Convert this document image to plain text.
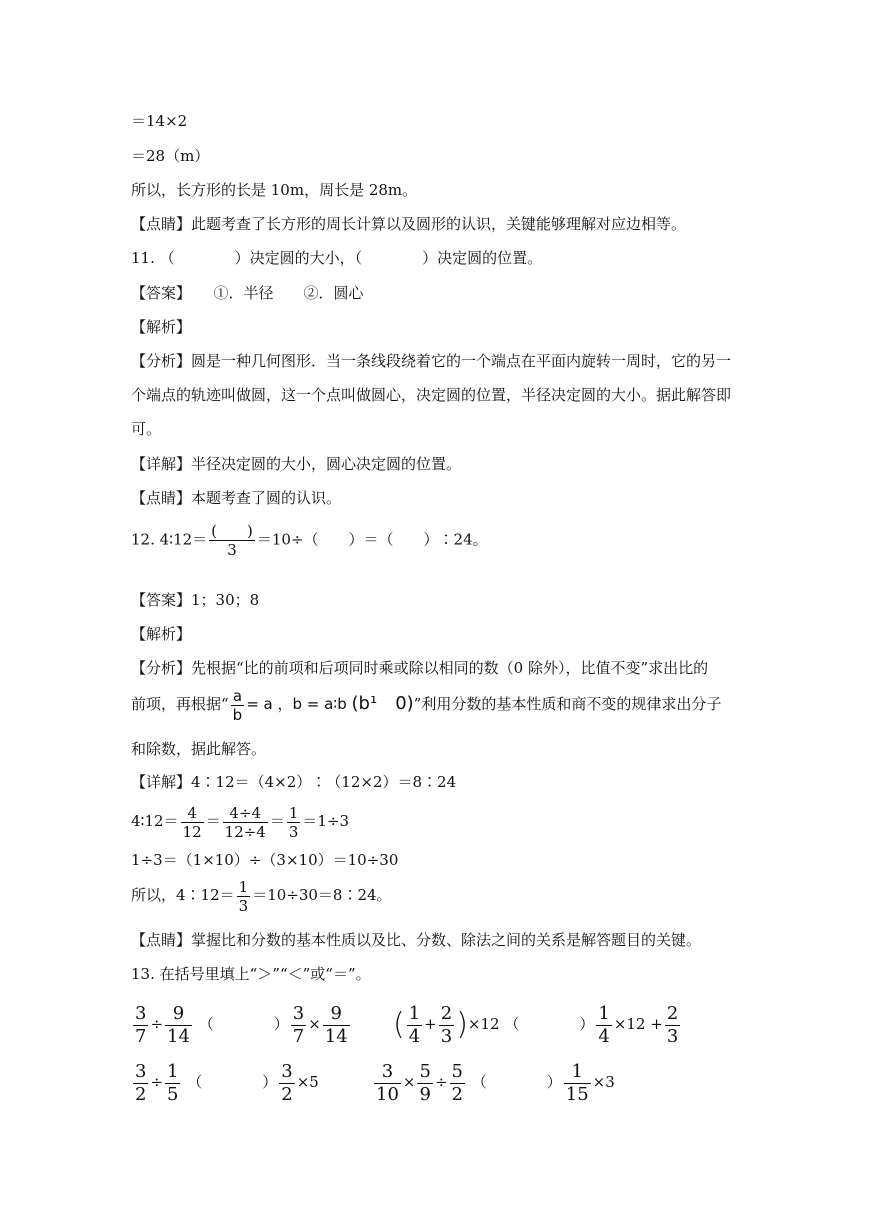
＝14×2
＝28（m）
所以，长方形的长是 10m，周长是 28m。
【点睛】此题考查了长方形的周长计算以及圆形的认识，关键能够理解对应边相等。
11. （　　　　）决定圆的大小，（　　　　）决定圆的位置。
【答案】　　①．半径　　②．圆心
【解析】
【分析】圆是一种几何图形．当一条线段绕着它的一个端点在平面内旋转一周时，它的另一
个端点的轨迹叫做圆，这一个点叫做圆心，决定圆的位置，半径决定圆的大小。据此解答即
可。
【详解】半径决定圆的大小，圆心决定圆的位置。
【点睛】本题考查了圆的认识。
12. 4∶12＝ $\frac{( )}{3} =10\div$（　　）＝（　　）∶24。
【答案】1；30；8
【解析】
【分析】先根据“比的前项和后项同时乘或除以相同的数（0 除外），比值不变”求出比的
前项，再根据“ $\frac{a}{b} = a$ ，b = a∶b (b¹　0)”利用分数的基本性质和商不变的规律求出分子
和除数，据此解答。
【详解】4∶12＝（4×2）∶（12×2）＝8∶24
4∶12＝ $\frac{4}{12} = \frac{4\div 4}{12\div 4} = \frac{1}{3} =1\div 3$
1÷3＝（1×10）÷（3×10）＝10÷30
所以，4∶12＝ $\frac{1}{3}$ ＝10÷30＝8∶24。
【点睛】掌握比和分数的基本性质以及比、分数、除法之间的关系是解答题目的关键。
13. 在括号里填上“＞”“＜”或“＝”。
$\frac{3}{7} \div \frac{9}{14}$ （　　　　） $\frac{3}{7} \times \frac{9}{14}$ ( $\frac{1}{4} + \frac{2}{3} )\times 12$ （　　　　） $\frac{1}{4} \times 12 + \frac{2}{3}$
$\frac{3}{2} \div \frac{1}{5}$ （　　　　） $\frac{3}{2} \times 5$	$\frac{3}{10} \times \frac{5}{9} \div \frac{5}{2}$ （　　　　） $\frac{1}{15} \times 3$
